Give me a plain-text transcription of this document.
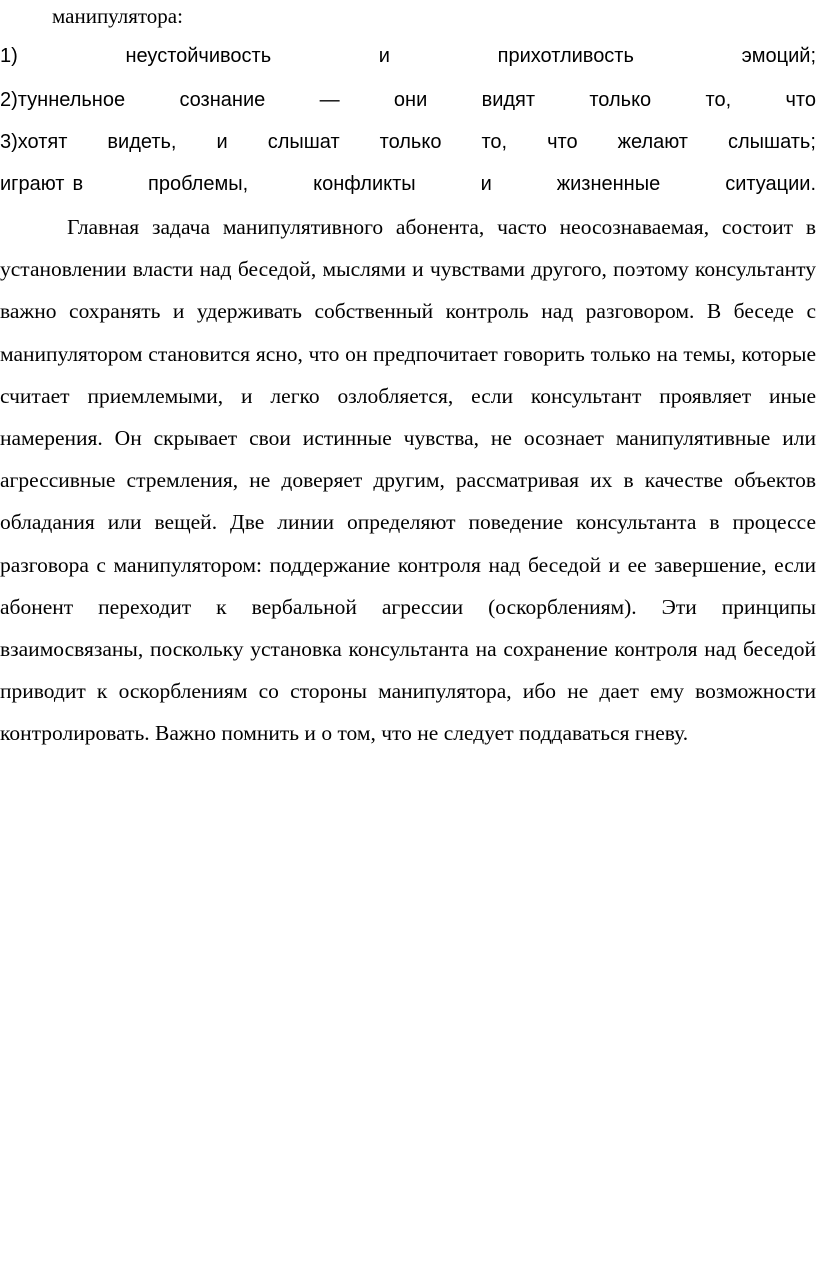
манипулятора:
1)	неустойчивость	и	прихотливость	эмоций;
2)туннельное	сознание	—	они	видят	только	то,	что
3)хотят видеть, и слышат только то, что желают слышать;
играют в	проблемы,	конфликты	и	жизненные	ситуации.

Главная задача манипулятивного абонента, часто неосознаваемая, состоит в установлении власти над беседой, мыслями и чувствами другого, поэтому консультанту важно сохранять и удерживать собственный контроль над разговором. В беседе с манипулятором становится ясно, что он предпочитает говорить только на темы, которые считает приемлемыми, и легко озлобляется, если консультант проявляет иные намерения. Он скрывает свои истинные чувства, не осознает манипулятивные или агрессивные стремления, не доверяет другим, рассматривая их в качестве объектов обладания или вещей. Две линии определяют поведение консультанта в процессе разговора с манипулятором: поддержание контроля над беседой и ее завершение, если абонент переходит к вербальной агрессии (оскорблениям). Эти принципы взаимосвязаны, поскольку установка консультанта на сохранение контроля над беседой приводит к оскорблениям со стороны манипулятора, ибо не дает ему возможности контролировать. Важно помнить и о том, что не следует поддаваться гневу.
